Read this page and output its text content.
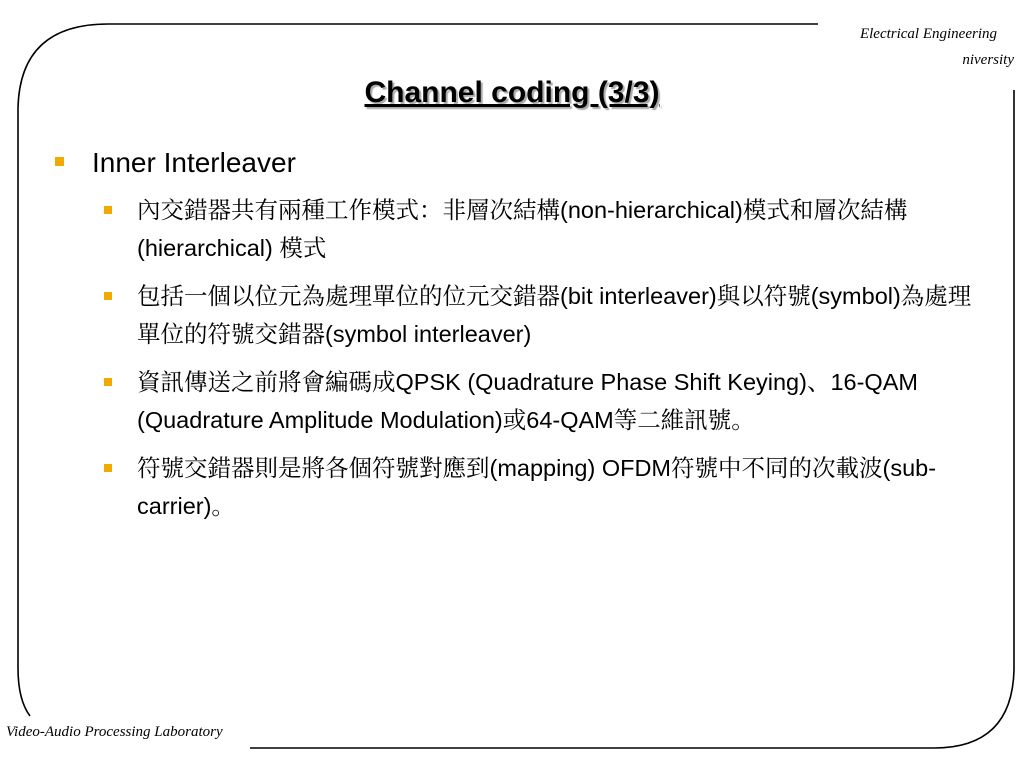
Electrical Engineering
niversity
Channel coding (3/3)
Inner Interleaver
內交錯器共有兩種工作模式：非層次結構(non-hierarchical)模式和層次結構(hierarchical) 模式
包括一個以位元為處理單位的位元交錯器(bit interleaver)與以符號(symbol)為處理單位的符號交錯器(symbol interleaver)
資訊傳送之前將會編碼成QPSK (Quadrature Phase Shift Keying)、16-QAM (Quadrature Amplitude Modulation)或64-QAM等二維訊號。
符號交錯器則是將各個符號對應到(mapping) OFDM符號中不同的次載波(sub-carrier)。
Video-Audio Processing Laboratory
